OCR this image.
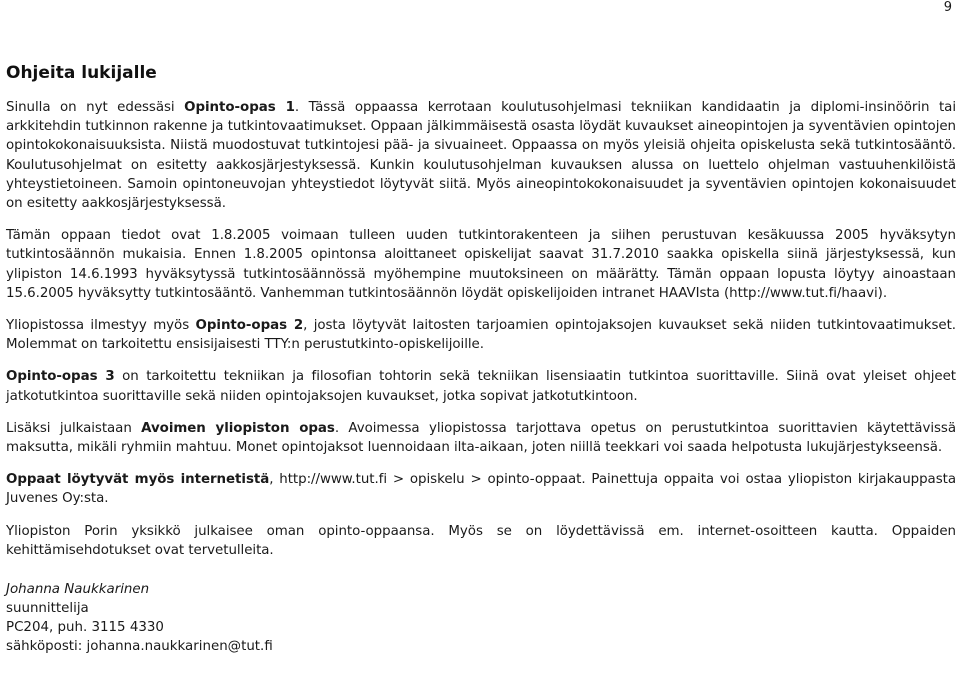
9
Ohjeita lukijalle

Sinulla on nyt edessäsi Opinto-opas 1. Tässä oppaassa kerrotaan koulutusohjelmasi tekniikan kandidaatin ja diplomi-insinöörin tai arkkitehdin tutkinnon rakenne ja tutkintovaatimukset. Oppaan jälkimmäisestä osasta löydät kuvaukset aineopintojen ja syventävien opintojen opintokokonaisuuksista. Niistä muodostuvat tutkintojesi pää- ja sivuaineet. Oppaassa on myös yleisiä ohjeita opiskelusta sekä tutkintosääntö. Koulutusohjelmat on esitetty aakkosjärjestyksessä. Kunkin koulutusohjelman kuvauksen alussa on luettelo ohjelman vastuuhenkilöistä yhteystietoineen. Samoin opintoneuvojan yhteystiedot löytyvät siitä. Myös aineopintokokonaisuudet ja syventävien opintojen kokonaisuudet on esitetty aakkosjärjestyksessä.

Tämän oppaan tiedot ovat 1.8.2005 voimaan tulleen uuden tutkintorakenteen ja siihen perustuvan kesäkuussa 2005 hyväksytyn tutkintosäännön mukaisia. Ennen 1.8.2005 opintonsa aloittaneet opiskelijat saavat 31.7.2010 saakka opiskella siinä järjestyksessä, kun ylipiston 14.6.1993 hyväksytyssä tutkintosäännössä myöhempine muutoksineen on määrätty. Tämän oppaan lopusta löytyy ainoastaan 15.6.2005 hyväksytty tutkintosääntö. Vanhemman tutkintosäännön löydät opiskelijoiden intranet HAAVIsta (http://www.tut.fi/haavi).

Yliopistossa ilmestyy myös Opinto-opas 2, josta löytyvät laitosten tarjoamien opintojaksojen kuvaukset sekä niiden tutkintovaatimukset. Molemmat on tarkoitettu ensisijaisesti TTY:n perustutkinto-opiskelijoille.

Opinto-opas 3 on tarkoitettu tekniikan ja filosofian tohtorin sekä tekniikan lisensiaatin tutkintoa suorittaville. Siinä ovat yleiset ohjeet jatkotutkintoa suorittaville sekä niiden opintojaksojen kuvaukset, jotka sopivat jatkotutkintoon.

Lisäksi julkaistaan Avoimen yliopiston opas. Avoimessa yliopistossa tarjottava opetus on perustutkintoa suorittavien käytettävissä maksutta, mikäli ryhmiin mahtuu. Monet opintojaksot luennoidaan ilta-aikaan, joten niillä teekkari voi saada helpotusta lukujärjestykseensä.

Oppaat löytyvät myös internetistä, http://www.tut.fi > opiskelu > opinto-oppaat. Painettuja oppaita voi ostaa yliopiston kirjakauppasta Juvenes Oy:sta.

Yliopiston Porin yksikkö julkaisee oman opinto-oppaansa. Myös se on löydettävissä em. internet-osoitteen kautta. Oppaiden kehittämisehdotukset ovat tervetulleita.

Johanna Naukkarinen
suunnittelija
PC204, puh. 3115 4330
sähköposti: johanna.naukkarinen@tut.fi
